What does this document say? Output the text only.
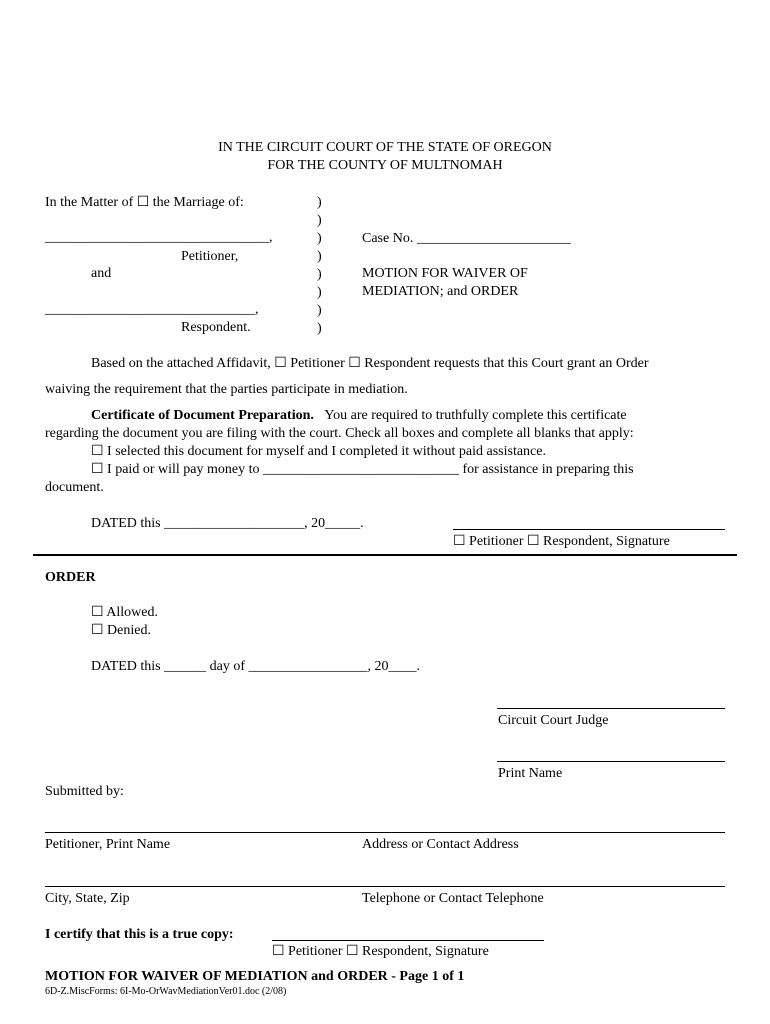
IN THE CIRCUIT COURT OF THE STATE OF OREGON
FOR THE COUNTY OF MULTNOMAH
In the Matter of ☐ the Marriage of:
________________________________,
Petitioner,
and
______________________________,
Respondent.
)
)
)
)
)
)
)
)
Case No. ______________________
MOTION FOR WAIVER OF
MEDIATION; and ORDER
Based on the attached Affidavit, ☐ Petitioner ☐ Respondent requests that this Court grant an Order
waiving the requirement that the parties participate in mediation.
Certificate of Document Preparation. You are required to truthfully complete this certificate
regarding the document you are filing with the court. Check all boxes and complete all blanks that apply:
☐ I selected this document for myself and I completed it without paid assistance.
☐ I paid or will pay money to ____________________________ for assistance in preparing this
document.
DATED this ____________________, 20_____.
☐ Petitioner ☐ Respondent, Signature
ORDER
☐ Allowed.
☐ Denied.
DATED this ______ day of _________________, 20____.
Circuit Court Judge
Print Name
Submitted by:
Petitioner, Print Name	Address or Contact Address
City, State, Zip	Telephone or Contact Telephone
I certify that this is a true copy:
☐ Petitioner ☐ Respondent, Signature
MOTION FOR WAIVER OF MEDIATION and ORDER - Page 1 of 1
6D-Z.MiscForms: 6I-Mo-OrWavMediationVer01.doc (2/08)
